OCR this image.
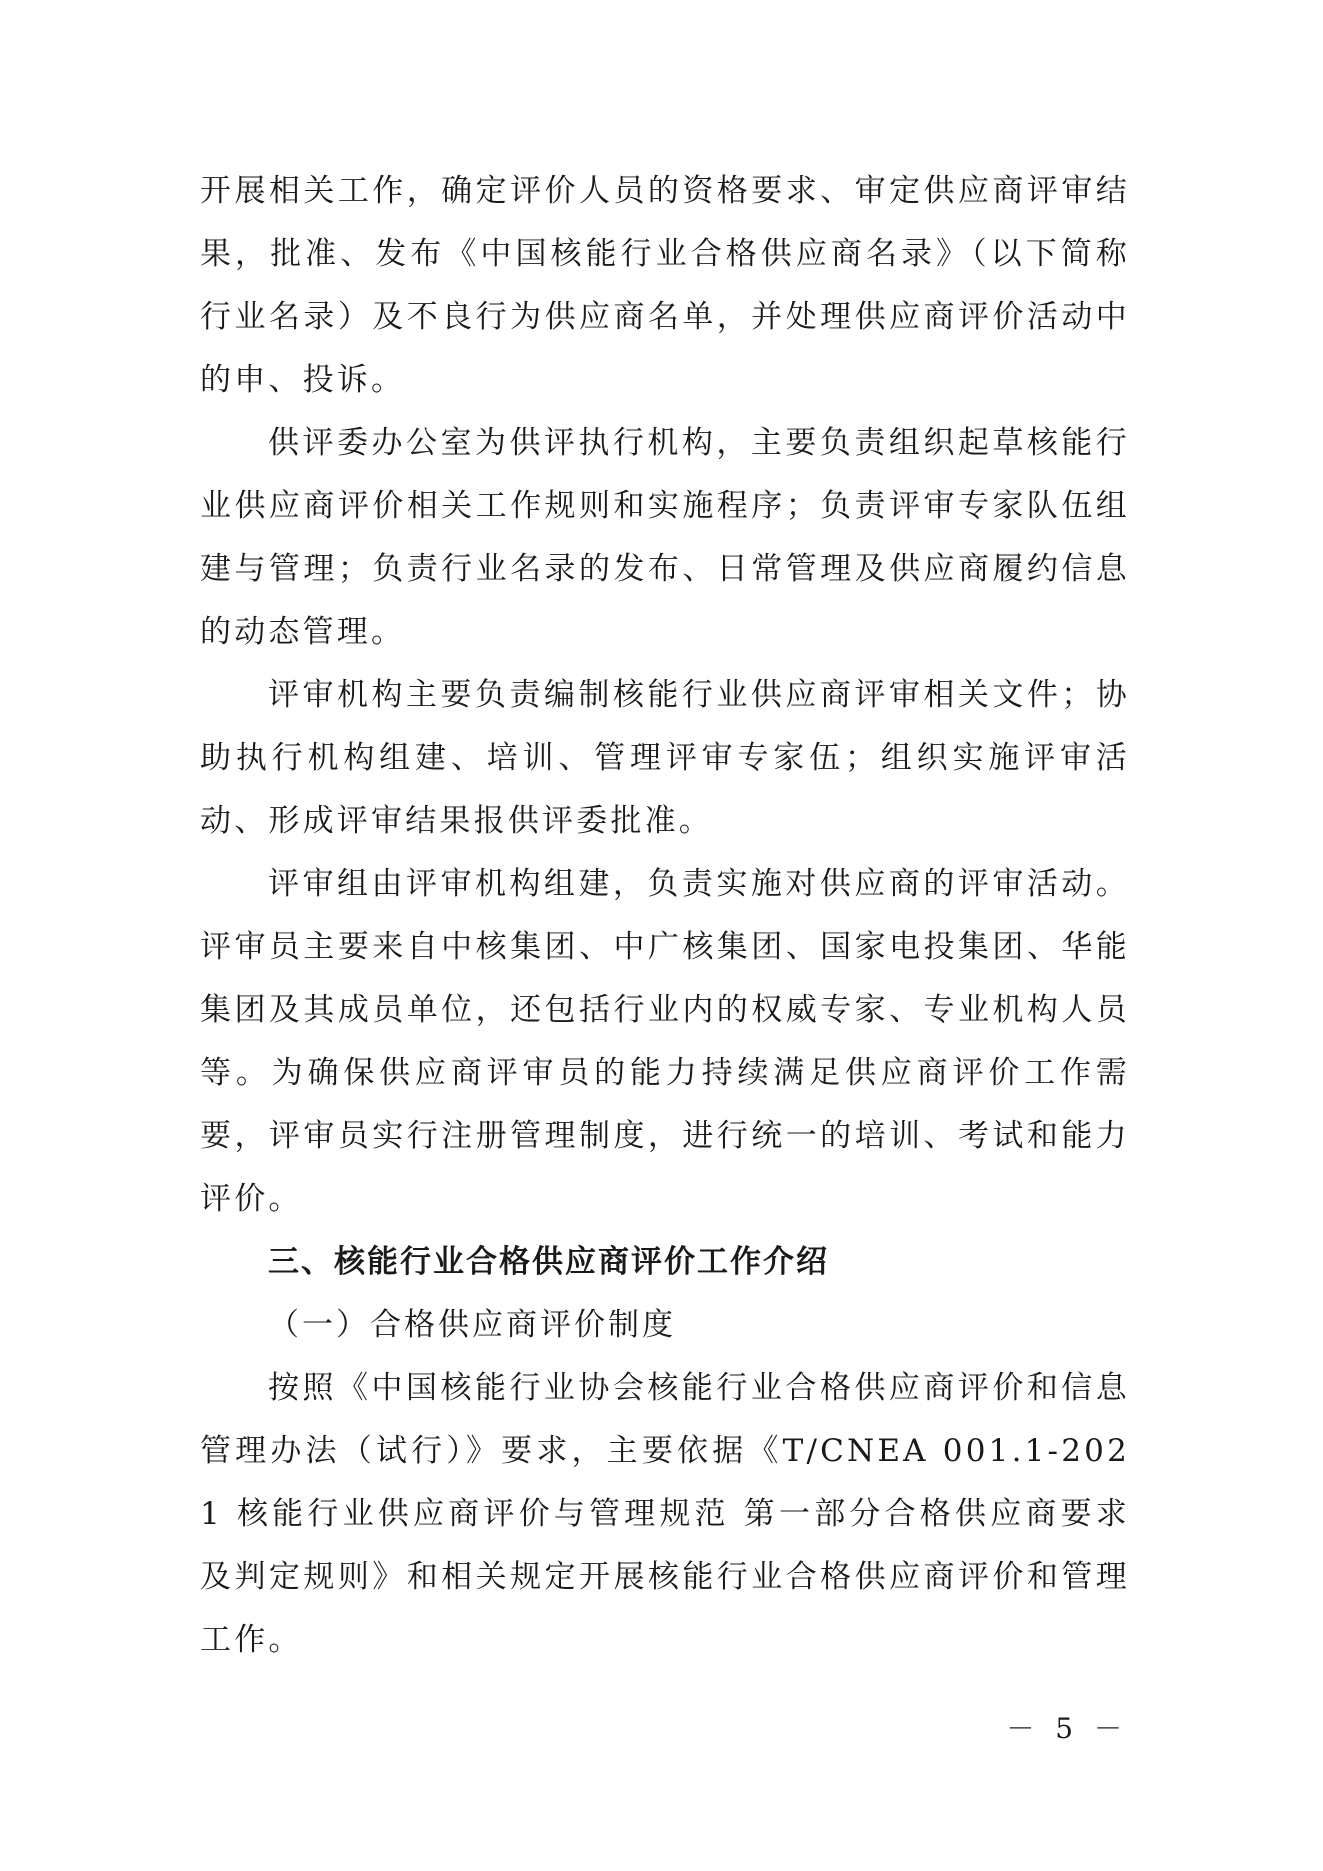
开展相关工作，确定评价人员的资格要求、审定供应商评审结果，批准、发布《中国核能行业合格供应商名录》（以下简称行业名录）及不良行为供应商名单，并处理供应商评价活动中的申、投诉。

供评委办公室为供评执行机构，主要负责组织起草核能行业供应商评价相关工作规则和实施程序；负责评审专家队伍组建与管理；负责行业名录的发布、日常管理及供应商履约信息的动态管理。

评审机构主要负责编制核能行业供应商评审相关文件；协助执行机构组建、培训、管理评审专家伍；组织实施评审活动、形成评审结果报供评委批准。

评审组由评审机构组建，负责实施对供应商的评审活动。评审员主要来自中核集团、中广核集团、国家电投集团、华能集团及其成员单位，还包括行业内的权威专家、专业机构人员等。为确保供应商评审员的能力持续满足供应商评价工作需要，评审员实行注册管理制度，进行统一的培训、考试和能力评价。

三、核能行业合格供应商评价工作介绍

（一）合格供应商评价制度

按照《中国核能行业协会核能行业合格供应商评价和信息管理办法（试行）》要求，主要依据《T/CNEA 001.1-2021 核能行业供应商评价与管理规范 第一部分合格供应商要求及判定规则》和相关规定开展核能行业合格供应商评价和管理工作。

－ 5 －
